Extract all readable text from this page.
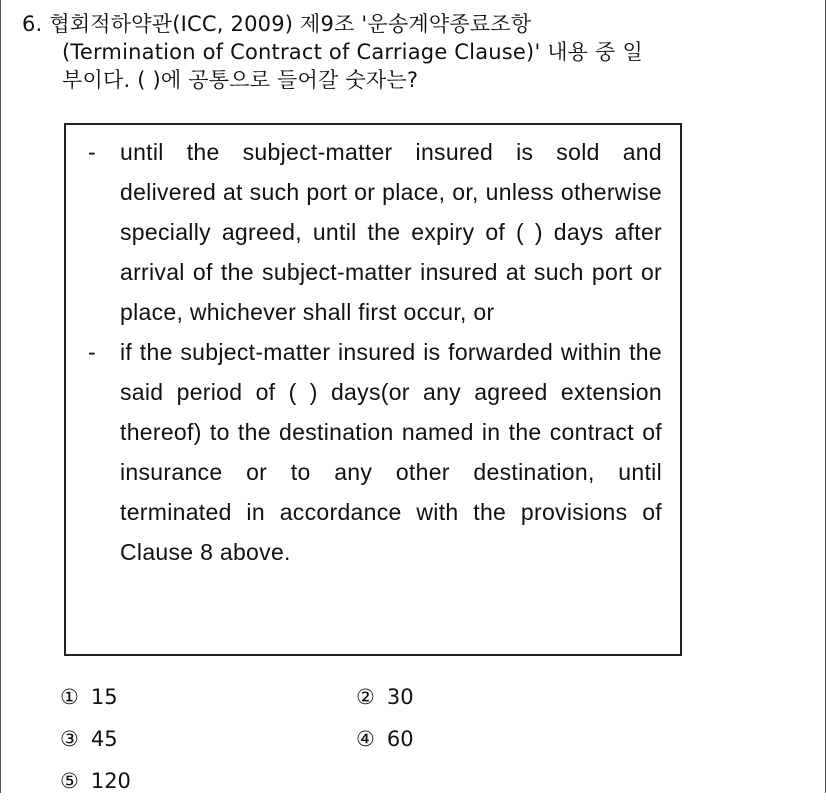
6. 협회적하약관(ICC, 2009) 제9조 '운송계약종료조항
(Termination of Contract of Carriage Clause)' 내용 중 일
부이다. ( )에 공통으로 들어갈 숫자는?
- until the subject-matter insured is sold and delivered at such port or place, or, unless otherwise specially agreed, until the expiry of ( ) days after arrival of the subject-matter insured at such port or place, whichever shall first occur, or
- if the subject-matter insured is forwarded within the said period of ( ) days(or any agreed extension thereof) to the destination named in the contract of insurance or to any other destination, until terminated in accordance with the provisions of Clause 8 above.
① 15	② 30
③ 45	④ 60
⑤ 120
